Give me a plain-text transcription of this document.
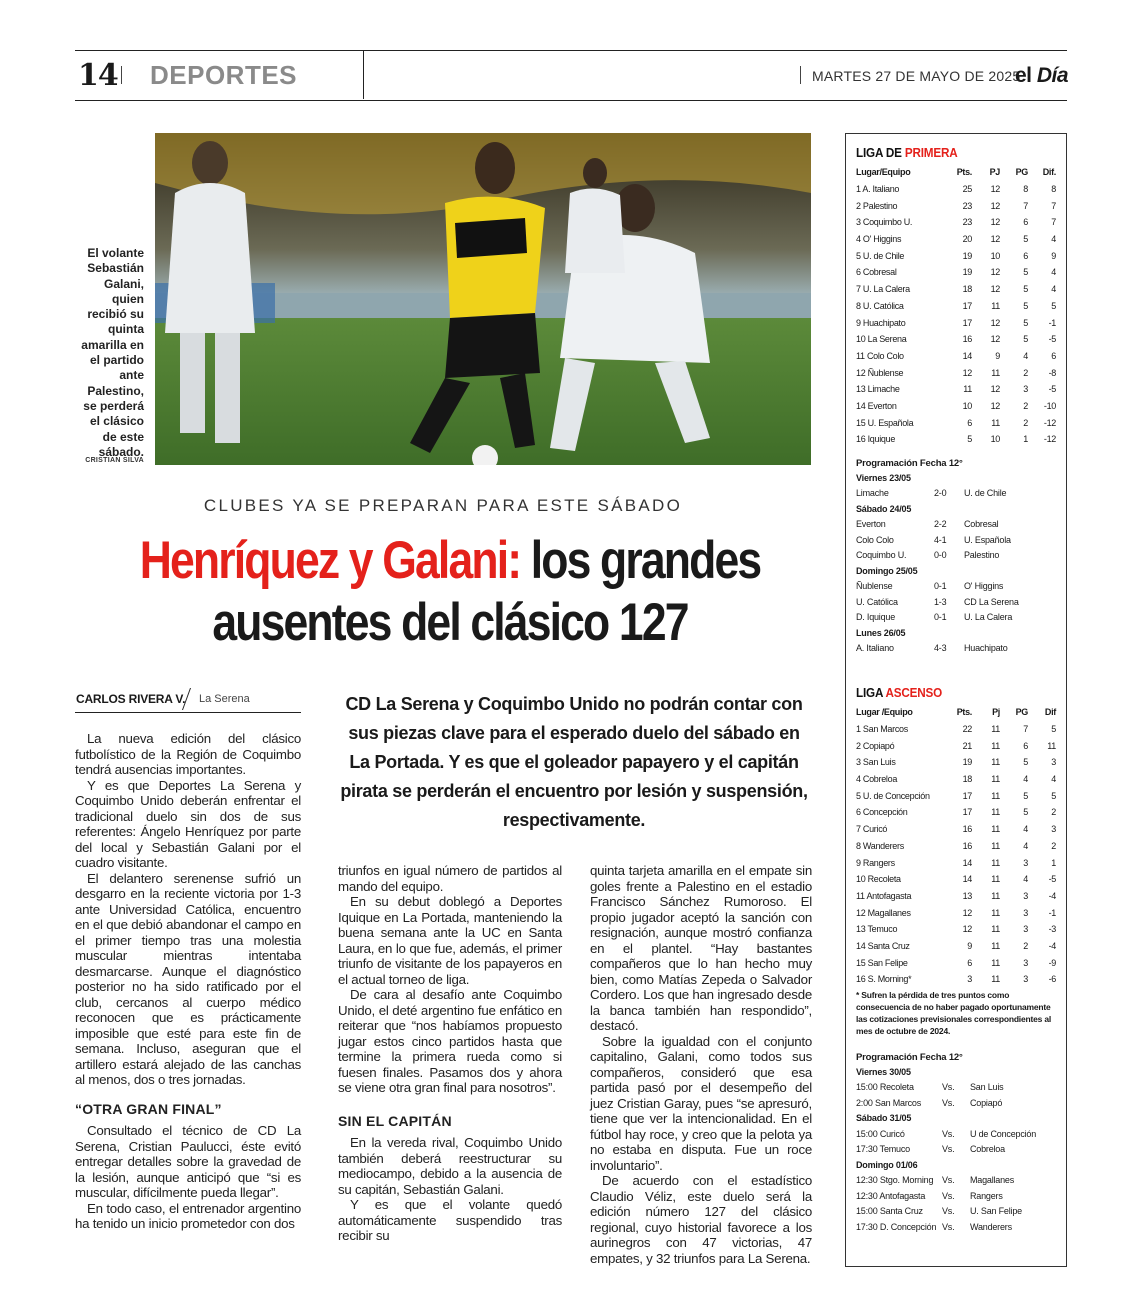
14 DEPORTES	MARTES 27 DE MAYO DE 2025
el Día
El volante Sebastián Galani, quien recibió su quinta amarilla en el partido ante Palestino, se perderá el clásico de este sábado.
CRISTIAN SILVA
CLUBES YA SE PREPARAN PARA ESTE SÁBADO
Henríquez y Galani: los grandes ausentes del clásico 127
CARLOS RIVERA V. La Serena	CD La Serena y Coquimbo Unido no podrán contar con sus piezas clave para el esperado duelo del sábado en La Portada. Y es que el goleador papayero y el capitán pirata se perderán el encuentro por lesión y suspensión, respectivamente.

La nueva edición del clásico futbolístico de la Región de Coquimbo tendrá ausencias importantes.

Y es que Deportes La Serena y Coquimbo Unido deberán enfrentar el tradicional duelo sin dos de sus referentes: Ángelo Henríquez por parte del local y Sebastián Galani por el cuadro visitante.

El delantero serenense sufrió un desgarro en la reciente victoria por 1-3 ante Universidad Católica, encuentro en el que debió abandonar el campo en el primer tiempo tras una molestia muscular mientras intentaba desmarcarse. Aunque el diagnóstico posterior no ha sido ratificado por el club, cercanos al cuerpo médico reconocen que es prácticamente imposible que esté para este fin de semana. Incluso, aseguran que el artillero estará alejado de las canchas al menos, dos o tres jornadas.

“OTRA GRAN FINAL”

Consultado el técnico de CD La Serena, Cristian Paulucci, éste evitó entregar detalles sobre la gravedad de la lesión, aunque anticipó que “si es muscular, difícilmente pueda llegar”.

En todo caso, el entrenador argentino ha tenido un inicio prometedor con dos

triunfos en igual número de partidos al mando del equipo.

En su debut doblegó a Deportes Iquique en La Portada, manteniendo la buena semana ante la UC en Santa Laura, en lo que fue, además, el primer triunfo de visitante de los papayeros en el actual torneo de liga.

De cara al desafío ante Coquimbo Unido, el deté argentino fue enfático en reiterar que “nos habíamos propuesto jugar estos cinco partidos hasta que termine la primera rueda como si fuesen finales. Pasamos dos y ahora se viene otra gran final para nosotros”.

SIN EL CAPITÁN

En la vereda rival, Coquimbo Unido también deberá reestructurar su mediocampo, debido a la ausencia de su capitán, Sebastián Galani.

Y es que el volante quedó automáticamente suspendido tras recibir su

quinta tarjeta amarilla en el empate sin goles frente a Palestino en el estadio Francisco Sánchez Rumoroso. El propio jugador aceptó la sanción con resignación, aunque mostró confianza en el plantel. “Hay bastantes compañeros que lo han hecho muy bien, como Matías Zepeda o Salvador Cordero. Los que han ingresado desde la banca también han respondido”, destacó.

Sobre la igualdad con el conjunto capitalino, Galani, como todos sus compañeros, consideró que esa partida pasó por el desempeño del juez Cristian Garay, pues “se apresuró, tiene que ver la intencionalidad. En el fútbol hay roce, y creo que la pelota ya no estaba en disputa. Fue un roce involuntario”.

De acuerdo con el estadístico Claudio Véliz, este duelo será la edición número 127 del clásico regional, cuyo historial favorece a los aurinegros con 47 victorias, 47 empates, y 32 triunfos para La Serena.

LIGA DE PRIMERA
Lugar/Equipo	Pts.	PJ	PG	Dif.
1 A. Italiano	25	12	8	8
2 Palestino	23	12	7	7
3 Coquimbo U.	23	12	6	7
4 O' Higgins	20	12	5	4
5 U. de Chile	19	10	6	9
6 Cobresal	19	12	5	4
7 U. La Calera	18	12	5	4
8 U. Católica	17	11	5	5
9 Huachipato	17	12	5	-1
10 La Serena	16	12	5	-5
11 Colo Colo	14	9	4	6
12 Ñublense	12	11	2	-8
13 Limache	11	12	3	-5
14 Everton	10	12	2	-10
15 U. Española	6	11	2	-12
16 Iquique	5	10	1	-12
Programación Fecha 12°
Viernes 23/05
Limache	2-0 U. de Chile
Sábado 24/05
Everton	2-2 Cobresal
Colo Colo	4-1 U. Española
Coquimbo U.	0-0 Palestino
Domingo 25/05
Ñublense	0-1 O' Higgins
U. Católica	1-3 CD La Serena
D. Iquique	0-1 U. La Calera
Lunes 26/05
A. Italiano	4-3 Huachipato
LIGA ASCENSO
Lugar /Equipo	Pts.	Pj	PG	Dif
1 San Marcos	22	11	7	5
2 Copiapó	21	11	6	11
3 San Luis	19	11	5	3
4 Cobreloa	18	11	4	4
5 U. de Concepción	17	11	5	5
6 Concepción	17	11	5	2
7 Curicó	16	11	4	3
8 Wanderers	16	11	4	2
9 Rangers	14	11	3	1
10 Recoleta	14	11	4	-5
11 Antofagasta	13	11	3	-4
12 Magallanes	12	11	3	-1
13 Temuco	12	11	3	-3
14 Santa Cruz	9	11	2	-4
15 San Felipe	6	11	3	-9
16 S. Morning*	3	11	3	-6
* Sufren la pérdida de tres puntos como consecuencia de no haber pagado oportunamente las cotizaciones previsionales correspondientes al mes de octubre de 2024.
Programación Fecha 12°
Viernes 30/05
15:00 Recoleta	Vs. San Luis
2:00 San Marcos Vs. Copiapó
Sábado 31/05
15:00 Curicó	Vs. U de Concepción
17:30 Temuco	Vs. Cobreloa
Domingo 01/06
12:30 Stgo. Morning Vs. Magallanes
12:30 Antofagasta Vs. Rangers
15:00 Santa Cruz Vs. U. San Felipe
17:30 D. Concepción Vs. Wanderers
